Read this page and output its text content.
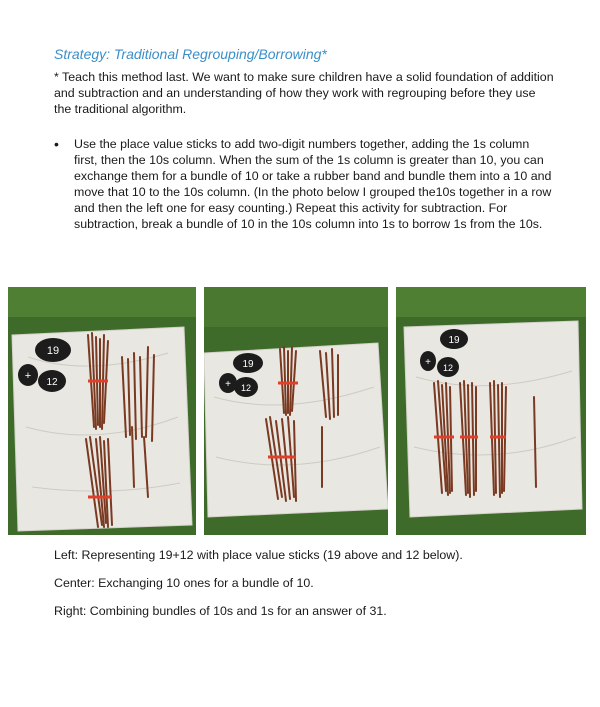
Strategy: Traditional Regrouping/Borrowing*
* Teach this method last. We want to make sure children have a solid foundation of addition and subtraction and an understanding of how they work with regrouping before they use the traditional algorithm.
•	Use the place value sticks to add two-digit numbers together, adding the 1s column first, then the 10s column. When the sum of the 1s column is greater than 10, you can exchange them for a bundle of 10 or take a rubber band and bundle them into a 10 and move that 10 to the 10s column. (In the photo below I grouped the10s together in a row and then the left one for easy counting.) Repeat this activity for subtraction. For subtraction, break a bundle of 10 in the 10s column into 1s to borrow 1s from the 10s.
19
+
12
19
+ 12
19
+ 12

Left: Representing 19+12 with place value sticks (19 above and 12 below).

Center: Exchanging 10 ones for a bundle of 10.

Right: Combining bundles of 10s and 1s for an answer of 31.
